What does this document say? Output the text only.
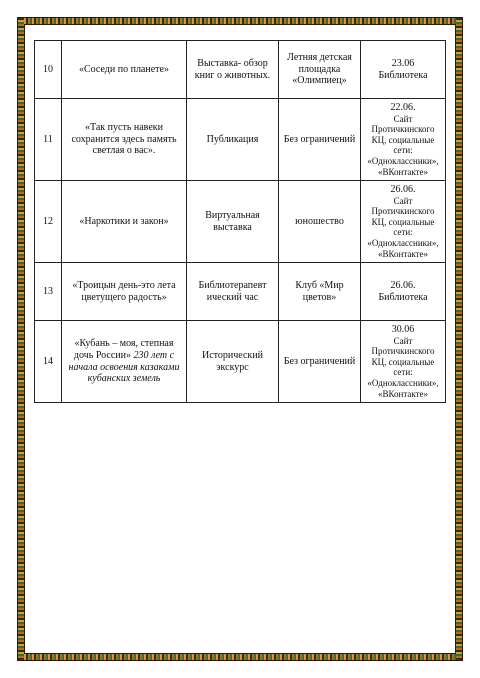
10	«Соседи по планете»	Выставка- обзор книг о животных.	Летняя детская площадка «Олимпиец»	23.06
Библиотека

11	«Так пусть навеки сохранится здесь память светлая о вас».	Публикация	Без ограничений	22.06.
Сайт Протичкинского КЦ, социальные сети: «Одноклассники», «ВКонтакте»

12	«Наркотики и закон»	Виртуальная выставка	юношество	26.06.
Сайт Протичкинского КЦ, социальные сети: «Одноклассники», «ВКонтакте»

13	«Троицын день-это лета цветущего радость»	Библиотерапевт ический час	Клуб «Мир цветов»	26.06.
Библиотека

14	«Кубань – моя, степная дочь России» 230 лет с начала освоения казаками кубанских земель	Исторический экскурс	Без ограничений	30.06
Сайт Протичкинского КЦ, социальные сети: «Одноклассники», «ВКонтакте»
